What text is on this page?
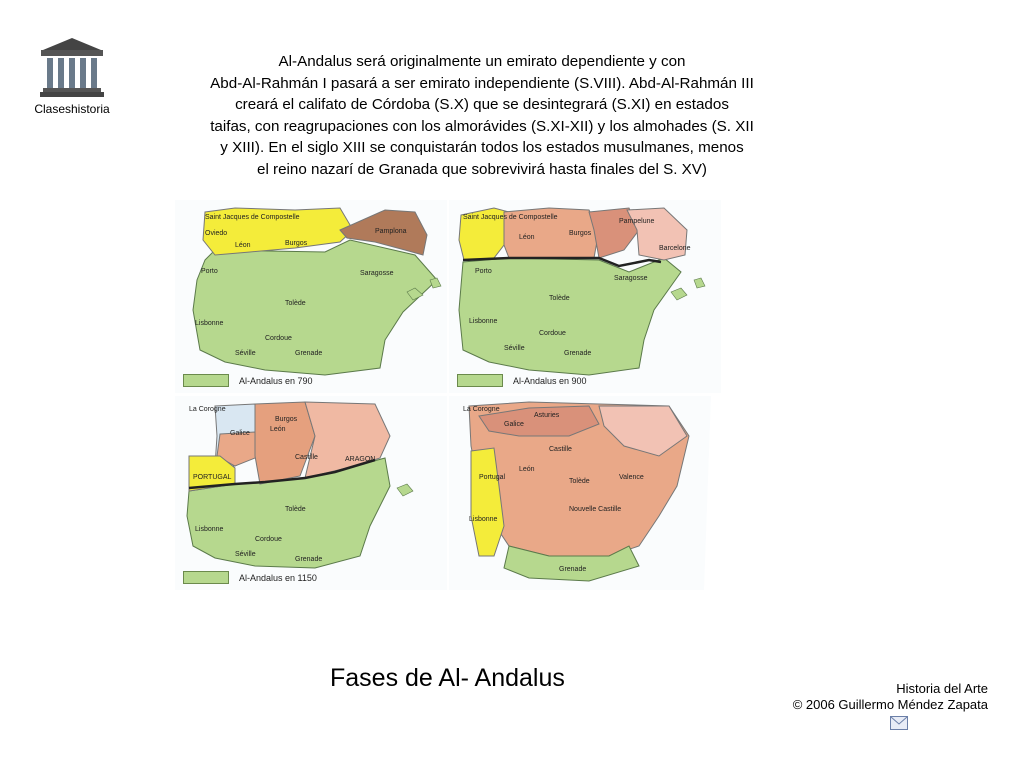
Claseshistoria
Al-Andalus será originalmente un emirato dependiente y con
Abd-Al-Rahmán I pasará a ser emirato independiente (S.VIII). Abd-Al-Rahmán III
creará el califato de Córdoba (S.X) que se desintegrará (S.XI) en estados
taifas, con reagrupaciones con los almorávides (S.XI-XII) y los almohades (S. XII
y XIII). En el siglo XIII se conquistarán todos los estados musulmanes, menos
el reino nazarí de Granada que sobrevivirá hasta finales del S. XV)
Al-Andalus en 790
Saint Jacques de Compostelle
Oviedo
Léon	Burgos
Pamplona
Porto
Tolède
Saragosse
Lisbonne
Cordoue
Séville	Grenade
Al-Andalus en 900
Saint Jacques de Compostelle
Léon
Burgos
Pampelune
Barcelone
Porto
Tolède
Saragosse
Lisbonne
Cordoue
Séville
Grenade
Al-Andalus en 1150
La Corogne
Galice
León
Burgos
Castille	ARAGON
PORTUGAL
Tolède
Lisbonne
Cordoue
Séville
Grenade
La Corogne
Asturies
Galice
León
Castille
Portugal	Valence
Nouvelle Castille
Tolède
Lisbonne
Grenade
Fases de Al- Andalus	Historia del Arte
© 2006 Guillermo Méndez Zapata
